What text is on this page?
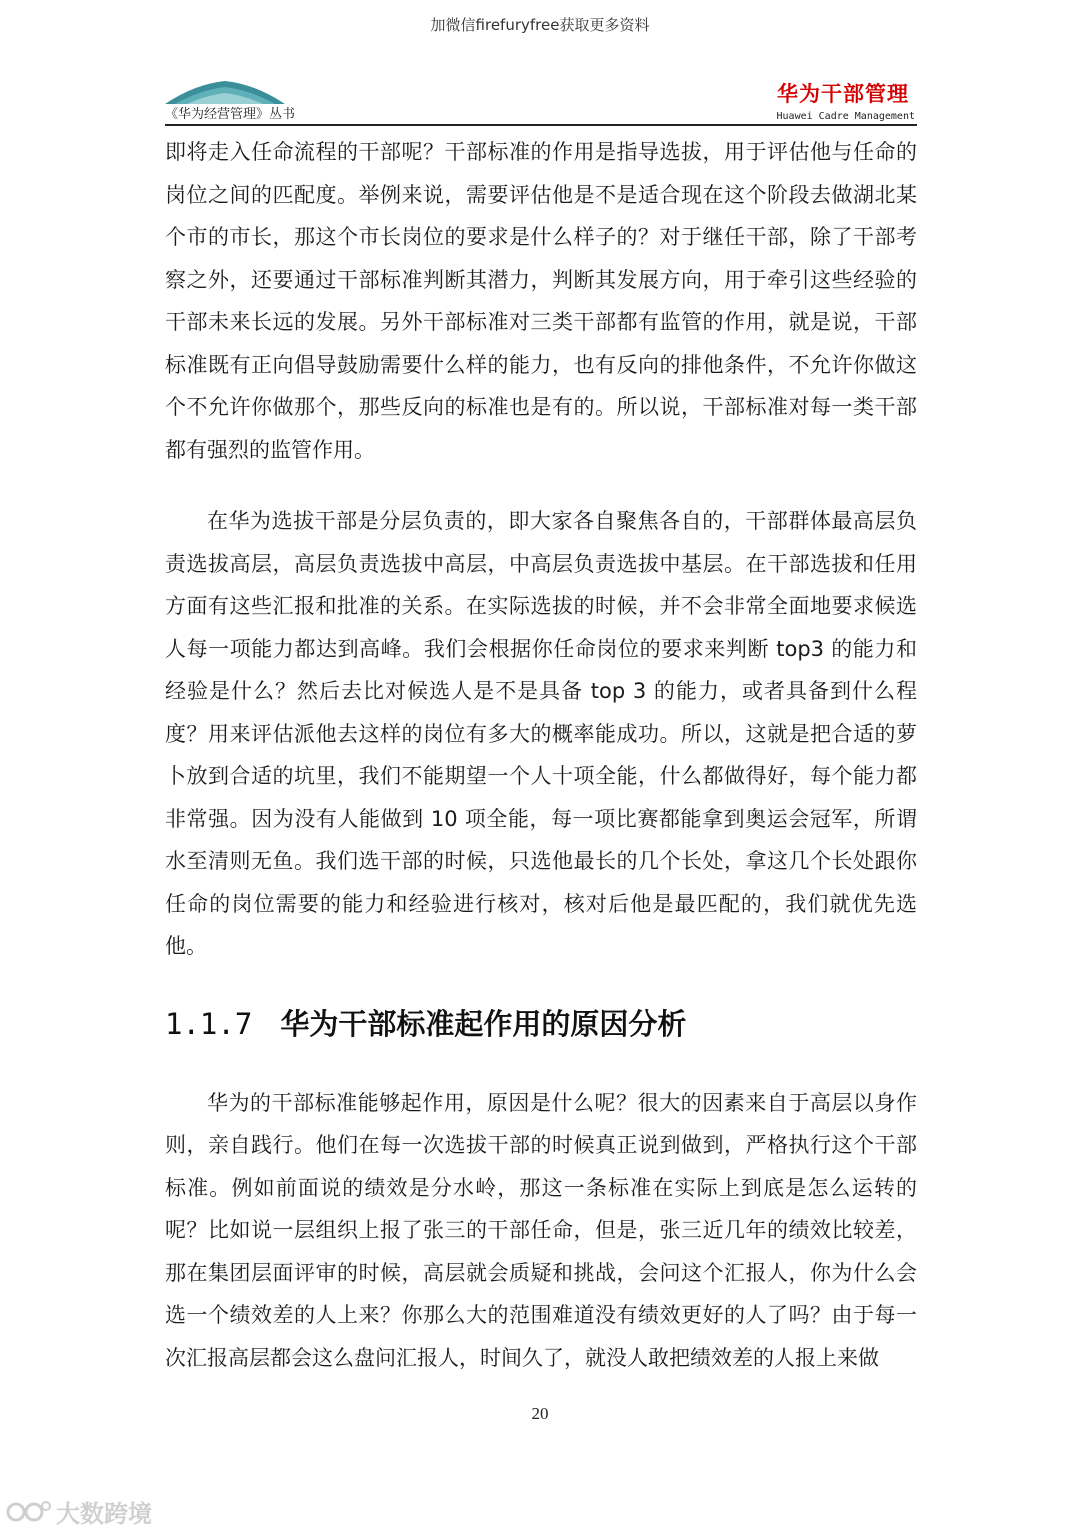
加微信firefuryfree获取更多资料
《华为经营管理》丛书
华为干部管理
Huawei Cadre Management

即将走入任命流程的干部呢？干部标准的作用是指导选拔，用于评估他与任命的岗位之间的匹配度。举例来说，需要评估他是不是适合现在这个阶段去做湖北某个市的市长，那这个市长岗位的要求是什么样子的？对于继任干部，除了干部考察之外，还要通过干部标准判断其潜力，判断其发展方向，用于牵引这些经验的干部未来长远的发展。另外干部标准对三类干部都有监管的作用，就是说，干部标准既有正向倡导鼓励需要什么样的能力，也有反向的排他条件，不允许你做这个不允许你做那个，那些反向的标准也是有的。所以说，干部标准对每一类干部都有强烈的监管作用。

在华为选拔干部是分层负责的，即大家各自聚焦各自的，干部群体最高层负责选拔高层，高层负责选拔中高层，中高层负责选拔中基层。在干部选拔和任用方面有这些汇报和批准的关系。在实际选拔的时候，并不会非常全面地要求候选人每一项能力都达到高峰。我们会根据你任命岗位的要求来判断 top3 的能力和经验是什么？然后去比对候选人是不是具备 top 3 的能力，或者具备到什么程度？用来评估派他去这样的岗位有多大的概率能成功。所以，这就是把合适的萝卜放到合适的坑里，我们不能期望一个人十项全能，什么都做得好，每个能力都非常强。因为没有人能做到 10 项全能，每一项比赛都能拿到奥运会冠军，所谓水至清则无鱼。我们选干部的时候，只选他最长的几个长处，拿这几个长处跟你任命的岗位需要的能力和经验进行核对，核对后他是最匹配的，我们就优先选他。

1.1.7 华为干部标准起作用的原因分析

华为的干部标准能够起作用，原因是什么呢？很大的因素来自于高层以身作则，亲自践行。他们在每一次选拔干部的时候真正说到做到，严格执行这个干部标准。例如前面说的绩效是分水岭，那这一条标准在实际上到底是怎么运转的呢？比如说一层组织上报了张三的干部任命，但是，张三近几年的绩效比较差，那在集团层面评审的时候，高层就会质疑和挑战，会问这个汇报人，你为什么会选一个绩效差的人上来？你那么大的范围难道没有绩效更好的人了吗？由于每一次汇报高层都会这么盘问汇报人，时间久了，就没人敢把绩效差的人报上来做

20
大数跨境
